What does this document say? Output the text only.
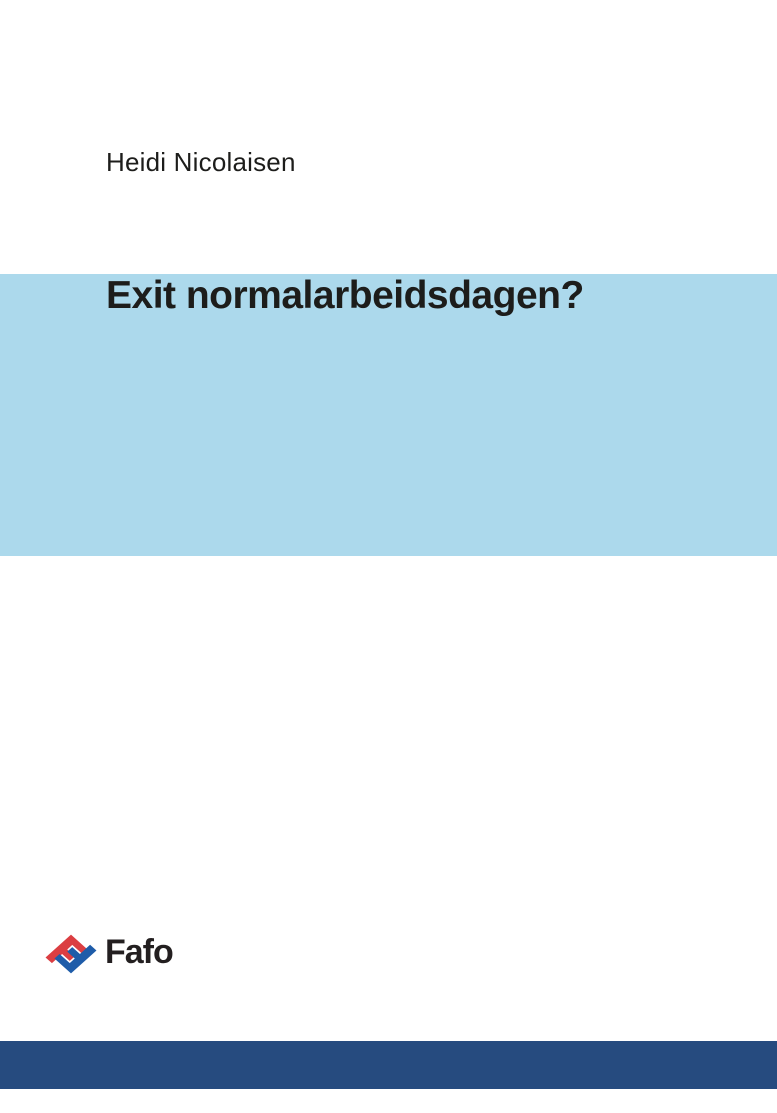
Heidi Nicolaisen
Exit normalarbeidsdagen?
Fafo
